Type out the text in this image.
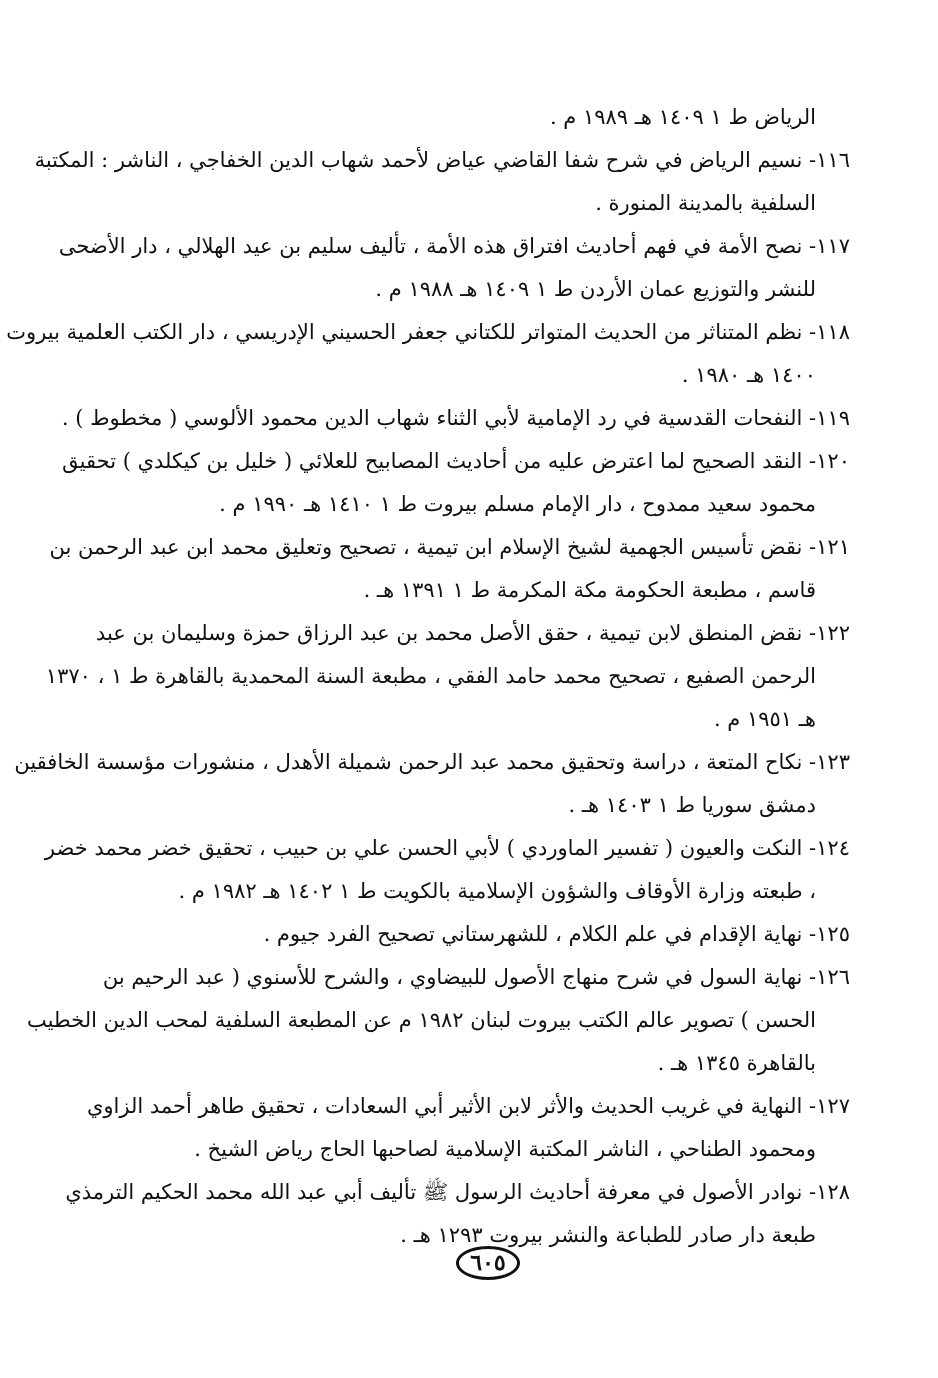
الرياض ط ١ ١٤٠٩ هـ ١٩٨٩ م .
١١٦- نسيم الرياض في شرح شفا القاضي عياض لأحمد شهاب الدين الخفاجي ، الناشر : المكتبة
السلفية بالمدينة المنورة .
١١٧- نصح الأمة في فهم أحاديث افتراق هذه الأمة ، تأليف سليم بن عيد الهلالي ، دار الأضحى
للنشر والتوزيع عمان الأردن ط ١ ١٤٠٩ هـ ١٩٨٨ م .
١١٨- نظم المتناثر من الحديث المتواتر للكتاني جعفر الحسيني الإدريسي ، دار الكتب العلمية بيروت
١٤٠٠ هـ ١٩٨٠ .
١١٩- النفحات القدسية في رد الإمامية لأبي الثناء شهاب الدين محمود الألوسي ( مخطوط ) .
١٢٠- النقد الصحيح لما اعترض عليه من أحاديث المصابيح للعلائي ( خليل بن كيكلدي ) تحقيق
محمود سعيد ممدوح ، دار الإمام مسلم بيروت ط ١ ١٤١٠ هـ ١٩٩٠ م .
١٢١- نقض تأسيس الجهمية لشيخ الإسلام ابن تيمية ، تصحيح وتعليق محمد ابن عبد الرحمن بن
قاسم ، مطبعة الحكومة مكة المكرمة ط ١ ١٣٩١ هـ .
١٢٢- نقض المنطق لابن تيمية ، حقق الأصل محمد بن عبد الرزاق حمزة وسليمان بن عبد
الرحمن الصفيع ، تصحيح محمد حامد الفقي ، مطبعة السنة المحمدية بالقاهرة ط ١ ، ١٣٧٠
هـ ١٩٥١ م .
١٢٣- نكاح المتعة ، دراسة وتحقيق محمد عبد الرحمن شميلة الأهدل ، منشورات مؤسسة الخافقين
دمشق سوريا ط ١ ١٤٠٣ هـ .
١٢٤- النكت والعيون ( تفسير الماوردي ) لأبي الحسن علي بن حبيب ، تحقيق خضر محمد خضر
، طبعته وزارة الأوقاف والشؤون الإسلامية بالكويت ط ١ ١٤٠٢ هـ ١٩٨٢ م .
١٢٥- نهاية الإقدام في علم الكلام ، للشهرستاني تصحيح الفرد جيوم .
١٢٦- نهاية السول في شرح منهاج الأصول للبيضاوي ، والشرح للأسنوي ( عبد الرحيم بن
الحسن ) تصوير عالم الكتب بيروت لبنان ١٩٨٢ م عن المطبعة السلفية لمحب الدين الخطيب
بالقاهرة ١٣٤٥ هـ .
١٢٧- النهاية في غريب الحديث والأثر لابن الأثير أبي السعادات ، تحقيق طاهر أحمد الزاوي
ومحمود الطناحي ، الناشر المكتبة الإسلامية لصاحبها الحاج رياض الشيخ .
١٢٨- نوادر الأصول في معرفة أحاديث الرسول ﷺ تأليف أبي عبد الله محمد الحكيم الترمذي
طبعة دار صادر للطباعة والنشر بيروت ١٢٩٣ هـ .
٦٠٥
